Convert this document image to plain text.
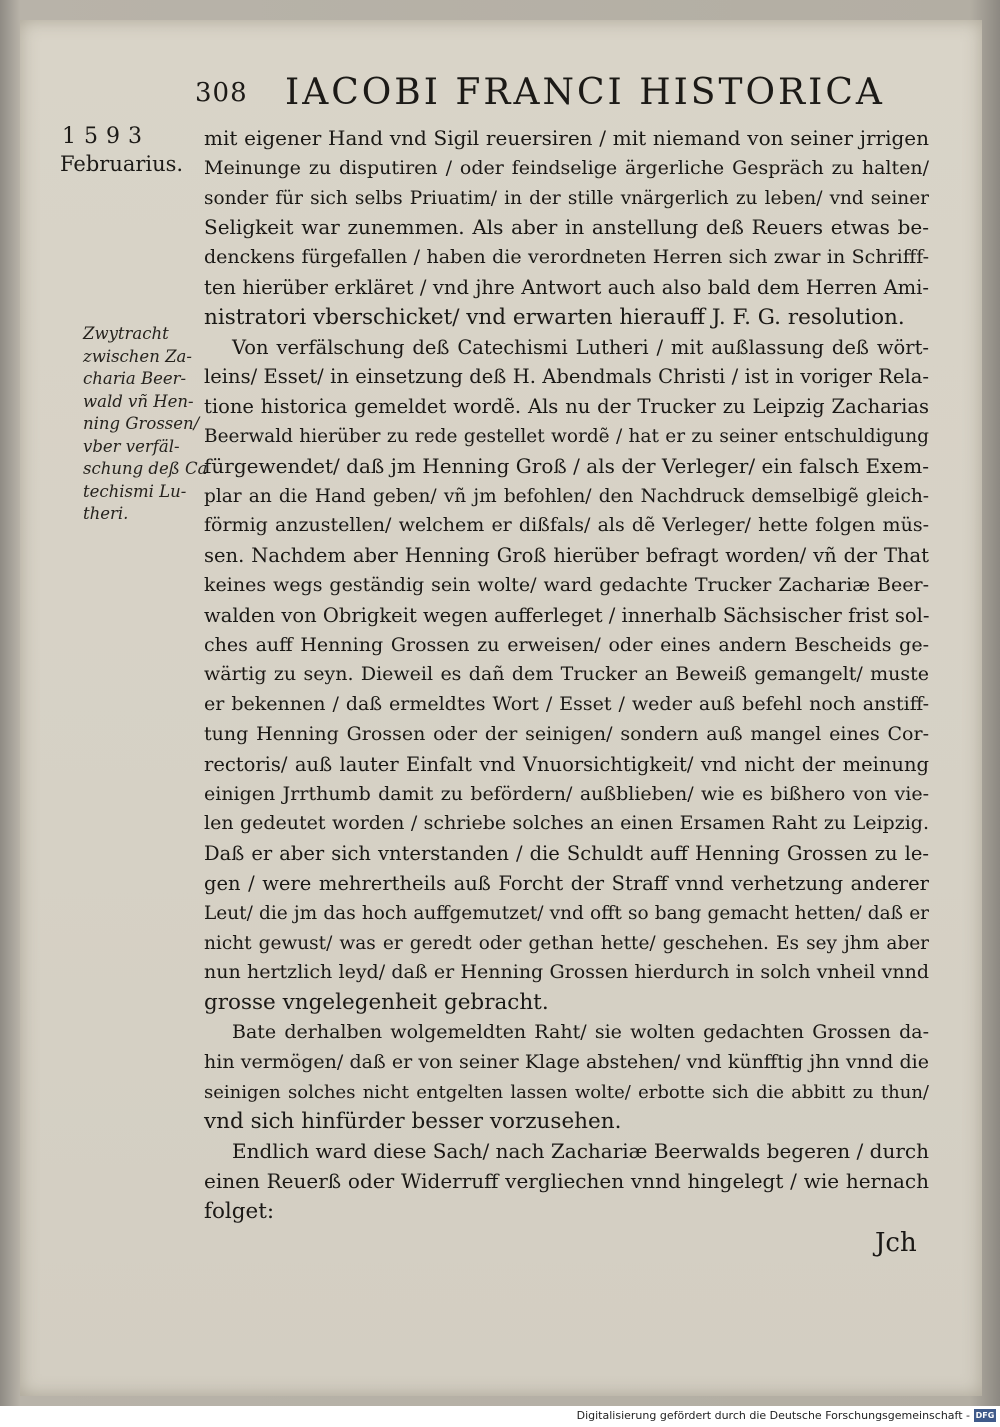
308 IACOBI FRANCI HISTORICA
1593
Februarius.
Zwytracht
zwischen Za-
charia Beer-
wald vñ Hen-
ning Grossen/
vber verfäl-
schung deß Ca
techismi Lu-
theri.
mit eigener Hand vnd Sigil reuersiren / mit niemand von seiner jrrigen
Meinunge zu disputiren / oder feindselige ärgerliche Gespräch zu halten/
sonder für sich selbs Priuatim/ in der stille vnärgerlich zu leben/ vnd seiner
Seligkeit war zunemmen. Als aber in anstellung deß Reuers etwas be-
denckens fürgefallen / haben die verordneten Herren sich zwar in Schrifff-
ten hierüber erkläret / vnd jhre Antwort auch also bald dem Herren Ami-
nistratori vberschicket/ vnd erwarten hierauff J. F. G. resolution.
Von verfälschung deß Catechismi Lutheri / mit außlassung deß wört-
leins/ Esset/ in einsetzung deß H. Abendmals Christi / ist in voriger Rela-
tione historica gemeldet wordẽ. Als nu der Trucker zu Leipzig Zacharias
Beerwald hierüber zu rede gestellet wordẽ / hat er zu seiner entschuldigung
fürgewendet/ daß jm Henning Groß / als der Verleger/ ein falsch Exem-
plar an die Hand geben/ vñ jm befohlen/ den Nachdruck demselbigẽ gleich-
förmig anzustellen/ welchem er dißfals/ als dẽ Verleger/ hette folgen müs-
sen. Nachdem aber Henning Groß hierüber befragt worden/ vñ der That
keines wegs geständig sein wolte/ ward gedachte Trucker Zachariæ Beer-
walden von Obrigkeit wegen aufferleget / innerhalb Sächsischer frist sol-
ches auff Henning Grossen zu erweisen/ oder eines andern Bescheids ge-
wärtig zu seyn. Dieweil es dañ dem Trucker an Beweiß gemangelt/ muste
er bekennen / daß ermeldtes Wort / Esset / weder auß befehl noch anstiff-
tung Henning Grossen oder der seinigen/ sondern auß mangel eines Cor-
rectoris/ auß lauter Einfalt vnd Vnuorsichtigkeit/ vnd nicht der meinung
einigen Jrrthumb damit zu befördern/ außblieben/ wie es bißhero von vie-
len gedeutet worden / schriebe solches an einen Ersamen Raht zu Leipzig.
Daß er aber sich vnterstanden / die Schuldt auff Henning Grossen zu le-
gen / were mehrertheils auß Forcht der Straff vnnd verhetzung anderer
Leut/ die jm das hoch auffgemutzet/ vnd offt so bang gemacht hetten/ daß er
nicht gewust/ was er geredt oder gethan hette/ geschehen. Es sey jhm aber
nun hertzlich leyd/ daß er Henning Grossen hierdurch in solch vnheil vnnd
grosse vngelegenheit gebracht.
Bate derhalben wolgemeldten Raht/ sie wolten gedachten Grossen da-
hin vermögen/ daß er von seiner Klage abstehen/ vnd künfftig jhn vnnd die
seinigen solches nicht entgelten lassen wolte/ erbotte sich die abbitt zu thun/
vnd sich hinfürder besser vorzusehen.
Endlich ward diese Sach/ nach Zachariæ Beerwalds begeren / durch
einen Reuerß oder Widerruff vergliechen vnnd hingelegt / wie hernach
folget:
Jch
Digitalisierung gefördert durch die Deutsche Forschungsgemeinschaft - DFG
